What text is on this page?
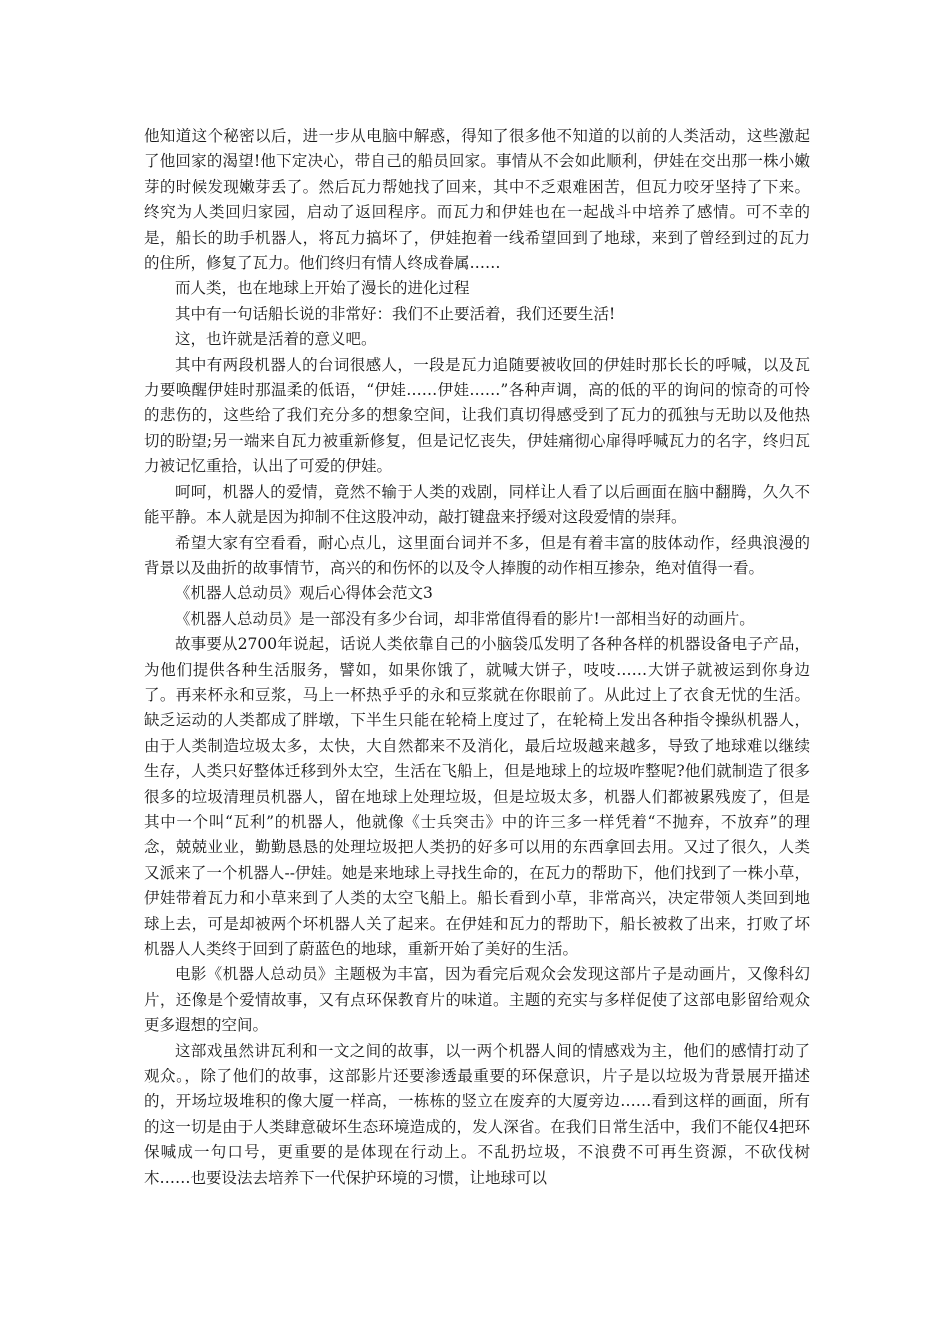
他知道这个秘密以后，进一步从电脑中解惑，得知了很多他不知道的以前的人类活动，这些激起了他回家的渴望!他下定决心，带自己的船员回家。事情从不会如此顺利，伊娃在交出那一株小嫩芽的时候发现嫩芽丢了。然后瓦力帮她找了回来，其中不乏艰难困苦，但瓦力咬牙坚持了下来。终究为人类回归家园，启动了返回程序。而瓦力和伊娃也在一起战斗中培养了感情。可不幸的是，船长的助手机器人，将瓦力搞坏了，伊娃抱着一线希望回到了地球，来到了曾经到过的瓦力的住所，修复了瓦力。他们终归有情人终成眷属……

而人类，也在地球上开始了漫长的进化过程

其中有一句话船长说的非常好：我们不止要活着，我们还要生活!

这，也许就是活着的意义吧。

其中有两段机器人的台词很感人，一段是瓦力追随要被收回的伊娃时那长长的呼喊，以及瓦力要唤醒伊娃时那温柔的低语，“伊娃……伊娃……”各种声调，高的低的平的询问的惊奇的可怜的悲伤的，这些给了我们充分多的想象空间，让我们真切得感受到了瓦力的孤独与无助以及他热切的盼望;另一端来自瓦力被重新修复，但是记忆丧失，伊娃痛彻心扉得呼喊瓦力的名字，终归瓦力被记忆重拾，认出了可爱的伊娃。

呵呵，机器人的爱情，竟然不输于人类的戏剧，同样让人看了以后画面在脑中翻腾，久久不能平静。本人就是因为抑制不住这股冲动，敲打键盘来抒缓对这段爱情的崇拜。

希望大家有空看看，耐心点儿，这里面台词并不多，但是有着丰富的肢体动作，经典浪漫的背景以及曲折的故事情节，高兴的和伤怀的以及令人捧腹的动作相互掺杂，绝对值得一看。

《机器人总动员》观后心得体会范文3

《机器人总动员》是一部没有多少台词，却非常值得看的影片!一部相当好的动画片。

故事要从2700年说起，话说人类依靠自己的小脑袋瓜发明了各种各样的机器设备电子产品，为他们提供各种生活服务，譬如，如果你饿了，就喊大饼子，吱吱……大饼子就被运到你身边了。再来杯永和豆浆，马上一杯热乎乎的永和豆浆就在你眼前了。从此过上了衣食无忧的生活。缺乏运动的人类都成了胖墩，下半生只能在轮椅上度过了，在轮椅上发出各种指令操纵机器人，由于人类制造垃圾太多，太快，大自然都来不及消化，最后垃圾越来越多，导致了地球难以继续生存，人类只好整体迁移到外太空，生活在飞船上，但是地球上的垃圾咋整呢?他们就制造了很多很多的垃圾清理员机器人，留在地球上处理垃圾，但是垃圾太多，机器人们都被累残废了，但是其中一个叫“瓦利”的机器人，他就像《士兵突击》中的许三多一样凭着“不抛弃，不放弃”的理念，兢兢业业，勤勤恳恳的处理垃圾把人类扔的好多可以用的东西拿回去用。又过了很久，人类又派来了一个机器人--伊娃。她是来地球上寻找生命的，在瓦力的帮助下，他们找到了一株小草，伊娃带着瓦力和小草来到了人类的太空飞船上。船长看到小草，非常高兴，决定带领人类回到地球上去，可是却被两个坏机器人关了起来。在伊娃和瓦力的帮助下，船长被救了出来，打败了坏机器人人类终于回到了蔚蓝色的地球，重新开始了美好的生活。

电影《机器人总动员》主题极为丰富，因为看完后观众会发现这部片子是动画片，又像科幻片，还像是个爱情故事，又有点环保教育片的味道。主题的充实与多样促使了这部电影留给观众更多遐想的空间。

这部戏虽然讲瓦利和一文之间的故事，以一两个机器人间的情感戏为主，他们的感情打动了观众。，除了他们的故事，这部影片还要渗透最重要的环保意识，片子是以垃圾为背景展开描述的，开场垃圾堆积的像大厦一样高，一栋栋的竖立在废弃的大厦旁边……看到这样的画面，所有的这一切是由于人类肆意破坏生态环境造成的，发人深省。在我们日常生活中，我们不能仅4把环保喊成一句口号，更重要的是体现在行动上。不乱扔垃圾，不浪费不可再生资源，不砍伐树木……也要设法去培养下一代保护环境的习惯，让地球可以
